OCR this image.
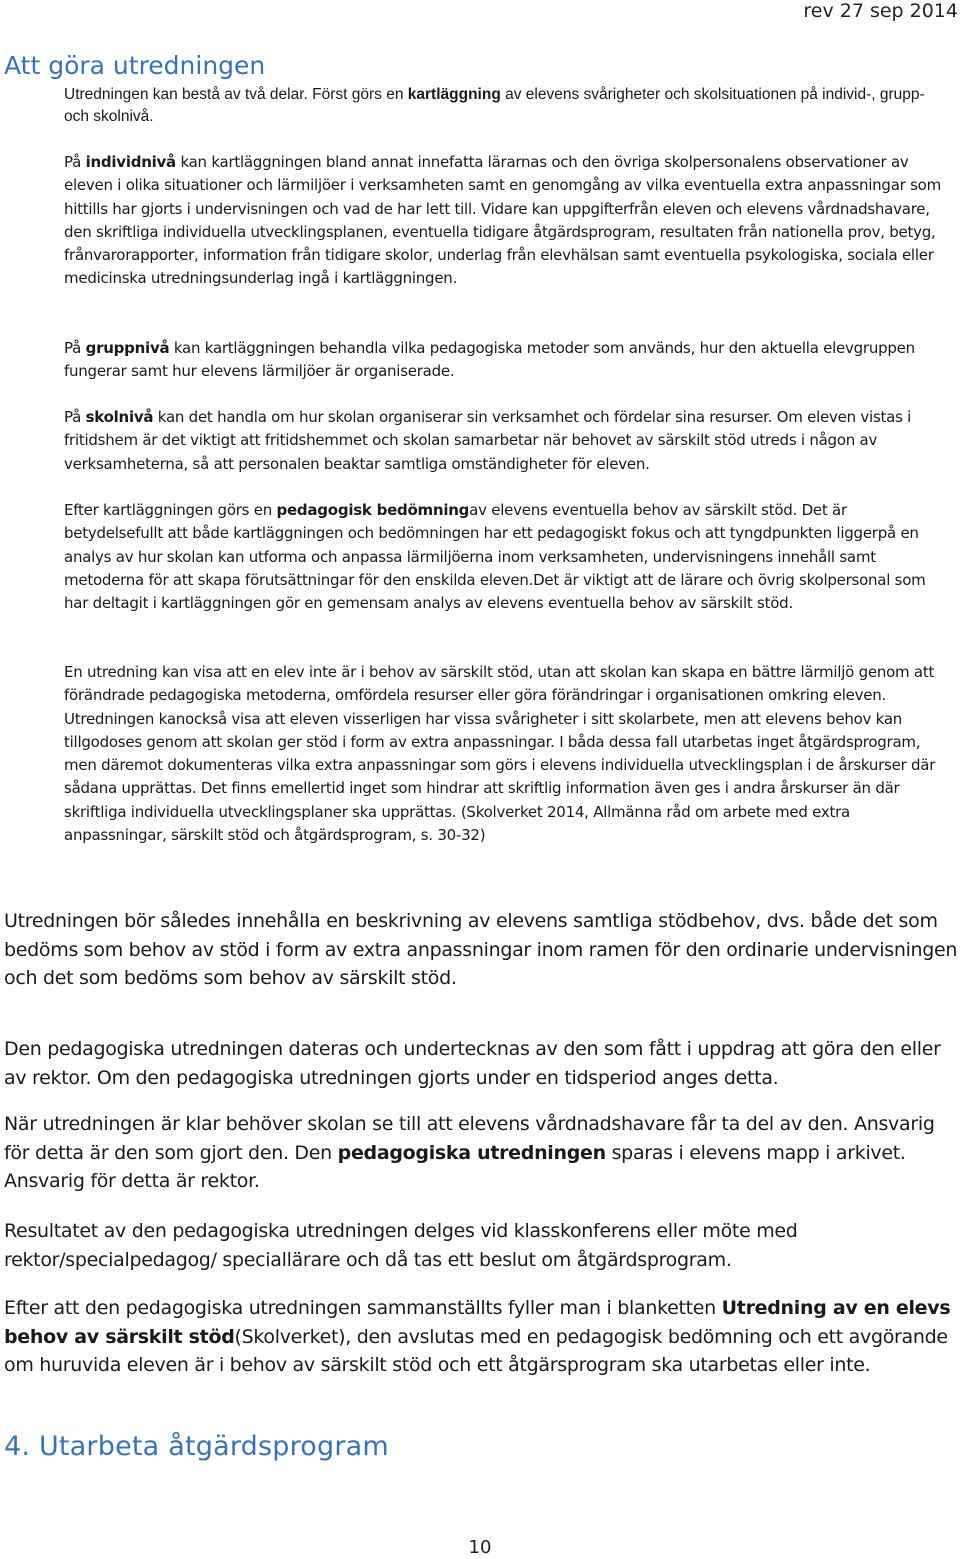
rev 27 sep 2014
Att göra utredningen
Utredningen kan bestå av två delar. Först görs en kartläggning av elevens svårigheter och skolsituationen på individ-, grupp- och skolnivå.

På individnivå kan kartläggningen bland annat innefatta lärarnas och den övriga skolpersonalens observationer av eleven i olika situationer och lärmiljöer i verksamheten samt en genomgång av vilka eventuella extra anpassningar som hittills har gjorts i undervisningen och vad de har lett till. Vidare kan uppgifterfrån eleven och elevens vårdnadshavare, den skriftliga individuella utvecklingsplanen, eventuella tidigare åtgärdsprogram, resultaten från nationella prov, betyg, frånvarorapporter, information från tidigare skolor, underlag från elevhälsan samt eventuella psykologiska, sociala eller medicinska utredningsunderlag ingå i kartläggningen.

På gruppnivå kan kartläggningen behandla vilka pedagogiska metoder som används, hur den aktuella elevgruppen fungerar samt hur elevens lärmiljöer är organiserade.

På skolnivå kan det handla om hur skolan organiserar sin verksamhet och fördelar sina resurser. Om eleven vistas i fritidshem är det viktigt att fritidshemmet och skolan samarbetar när behovet av särskilt stöd utreds i någon av verksamheterna, så att personalen beaktar samtliga omständigheter för eleven.

Efter kartläggningen görs en pedagogisk bedömningav elevens eventuella behov av särskilt stöd. Det är betydelsefullt att både kartläggningen och bedömningen har ett pedagogiskt fokus och att tyngdpunkten liggerpå en analys av hur skolan kan utforma och anpassa lärmiljöerna inom verksamheten, undervisningens innehåll samt metoderna för att skapa förutsättningar för den enskilda eleven.Det är viktigt att de lärare och övrig skolpersonal som har deltagit i kartläggningen gör en gemensam analys av elevens eventuella behov av särskilt stöd.

En utredning kan visa att en elev inte är i behov av särskilt stöd, utan att skolan kan skapa en bättre lärmiljö genom att förändrade pedagogiska metoderna, omfördela resurser eller göra förändringar i organisationen omkring eleven. Utredningen kanockså visa att eleven visserligen har vissa svårigheter i sitt skolarbete, men att elevens behov kan tillgodoses genom att skolan ger stöd i form av extra anpassningar. I båda dessa fall utarbetas inget åtgärdsprogram, men däremot dokumenteras vilka extra anpassningar som görs i elevens individuella utvecklingsplan i de årskurser där sådana upprättas. Det finns emellertid inget som hindrar att skriftlig information även ges i andra årskurser än där skriftliga individuella utvecklingsplaner ska upprättas. (Skolverket 2014, Allmänna råd om arbete med extra anpassningar, särskilt stöd och åtgärdsprogram, s. 30-32)

Utredningen bör således innehålla en beskrivning av elevens samtliga stödbehov, dvs. både det som bedöms som behov av stöd i form av extra anpassningar inom ramen för den ordinarie undervisningen och det som bedöms som behov av särskilt stöd.

Den pedagogiska utredningen dateras och undertecknas av den som fått i uppdrag att göra den eller av rektor. Om den pedagogiska utredningen gjorts under en tidsperiod anges detta.

När utredningen är klar behöver skolan se till att elevens vårdnadshavare får ta del av den. Ansvarig för detta är den som gjort den. Den pedagogiska utredningen sparas i elevens mapp i arkivet. Ansvarig för detta är rektor.

Resultatet av den pedagogiska utredningen delges vid klasskonferens eller möte med rektor/specialpedagog/ speciallärare och då tas ett beslut om åtgärdsprogram.

Efter att den pedagogiska utredningen sammanställts fyller man i blanketten Utredning av en elevs behov av särskilt stöd(Skolverket), den avslutas med en pedagogisk bedömning och ett avgörande om huruvida eleven är i behov av särskilt stöd och ett åtgärsprogram ska utarbetas eller inte.

4. Utarbeta åtgärdsprogram
10
